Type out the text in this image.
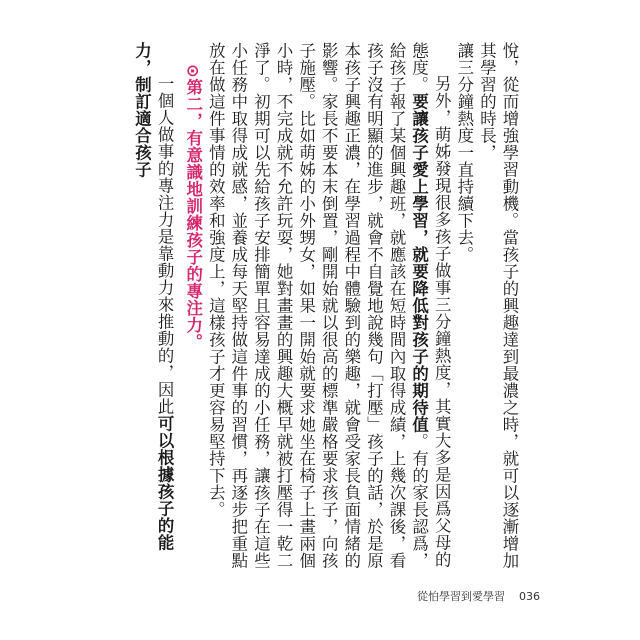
悅，從而增強學習動機。當孩子的興趣達到最濃之時，就可以逐漸增加其學習的時長，

讓三分鐘熱度一直持續下去。

另外，萌姊發現很多孩子做事三分鐘熱度，其實大多是因爲父母的態度。要讓孩子愛上學習，就要降低對孩子的期待值。有的家長認爲，給孩子報了某個興趣班，就應該在短時間內取得成績，上幾次課後，看孩子沒有明顯的進步，就會不自覺地說幾句「打壓」孩子的話，於是原本孩子興趣正濃，在學習過程中體驗到的樂趣，就會受家長負面情緒的影響。家長不要本末倒置，剛開始就以很高的標準嚴格要求孩子，向孩子施壓。比如萌姊的小外甥女，如果一開始就要求她坐在椅子上畫兩個小時，不完成就不允許玩耍，她對畫畫的興趣大概早就被打壓得一乾二淨了。初期可以先給孩子安排簡單且容易達成的小任務，讓孩子在這些小任務中取得成就感，並養成每天堅持做這件事的習慣，再逐步把重點放在做這件事情的效率和強度上，這樣孩子才更容易堅持下去。

⊙第二，有意識地訓練孩子的專注力。

一個人做事的專注力是靠動力來推動的，因此可以根據孩子的能力，制訂適合孩子

從怕學習到愛學習 036
